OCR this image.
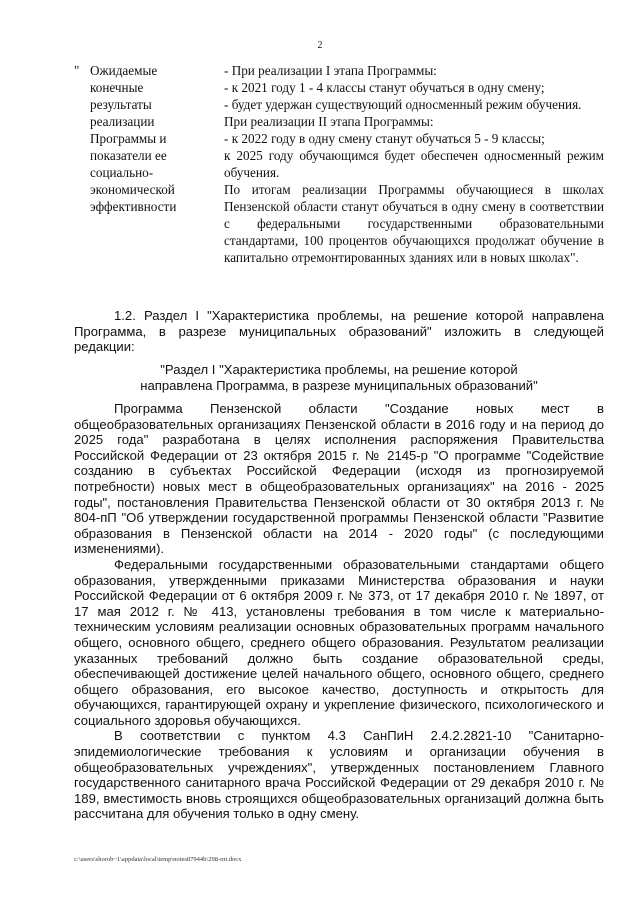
2
" Ожидаемые
конечные
результаты
реализации
Программы и
показатели ее
социально-
экономической
эффективности

- При реализации I этапа Программы:

- к 2021 году 1 - 4 классы станут обучаться в одну смену;

- будет удержан существующий односменный режим обучения.

При реализации II этапа Программы:

- к 2022 году в одну смену станут обучаться 5 - 9 классы;

к 2025 году обучающимся будет обеспечен односменный режим обучения.

По итогам реализации Программы обучающиеся в школах Пензенской области станут обучаться в одну смену в соответствии с федеральными государственными образовательными стандартами, 100 процентов обучающихся продолжат обучение в капитально отремонтированных зданиях или в новых школах".

1.2. Раздел I "Характеристика проблемы, на решение которой направлена Программа, в разрезе муниципальных образований" изложить в следующей редакции:

"Раздел I "Характеристика проблемы, на решение которой
направлена Программа, в разрезе муниципальных образований"

Программа Пензенской области "Создание новых мест в общеобразовательных организациях Пензенской области в 2016 году и на период до 2025 года" разработана в целях исполнения распоряжения Правительства Российской Федерации от 23 октября 2015 г. № 2145-р "О программе "Содействие созданию в субъектах Российской Федерации (исходя из прогнозируемой потребности) новых мест в общеобразовательных организациях" на 2016 - 2025 годы", постановления Правительства Пензенской области от 30 октября 2013 г. № 804-пП "Об утверждении государственной программы Пензенской области "Развитие образования в Пензенской области на 2014 - 2020 годы" (с последующими изменениями).

Федеральными государственными образовательными стандартами общего образования, утвержденными приказами Министерства образования и науки Российской Федерации от 6 октября 2009 г. № 373, от 17 декабря 2010 г. № 1897, от 17 мая 2012 г. № 413, установлены требования в том числе к материально-техническим условиям реализации основных образовательных программ начального общего, основного общего, среднего общего образования. Результатом реализации указанных требований должно быть создание образовательной среды, обеспечивающей достижение целей начального общего, основного общего, среднего общего образования, его высокое качество, доступность и открытость для обучающихся, гарантирующей охрану и укрепление физического, психологического и социального здоровья обучающихся.

В соответствии с пунктом 4.3 СанПиН 2.4.2.2821-10 "Санитарно-эпидемиологические требования к условиям и организации обучения в общеобразовательных учреждениях", утвержденных постановлением Главного государственного санитарного врача Российской Федерации от 29 декабря 2010 г. № 189, вместимость вновь строящихся общеобразовательных организаций должна быть рассчитана для обучения только в одну смену.

c:\users\shorob~1\appdata\local\temp\notes87944b\298-пп.docx
